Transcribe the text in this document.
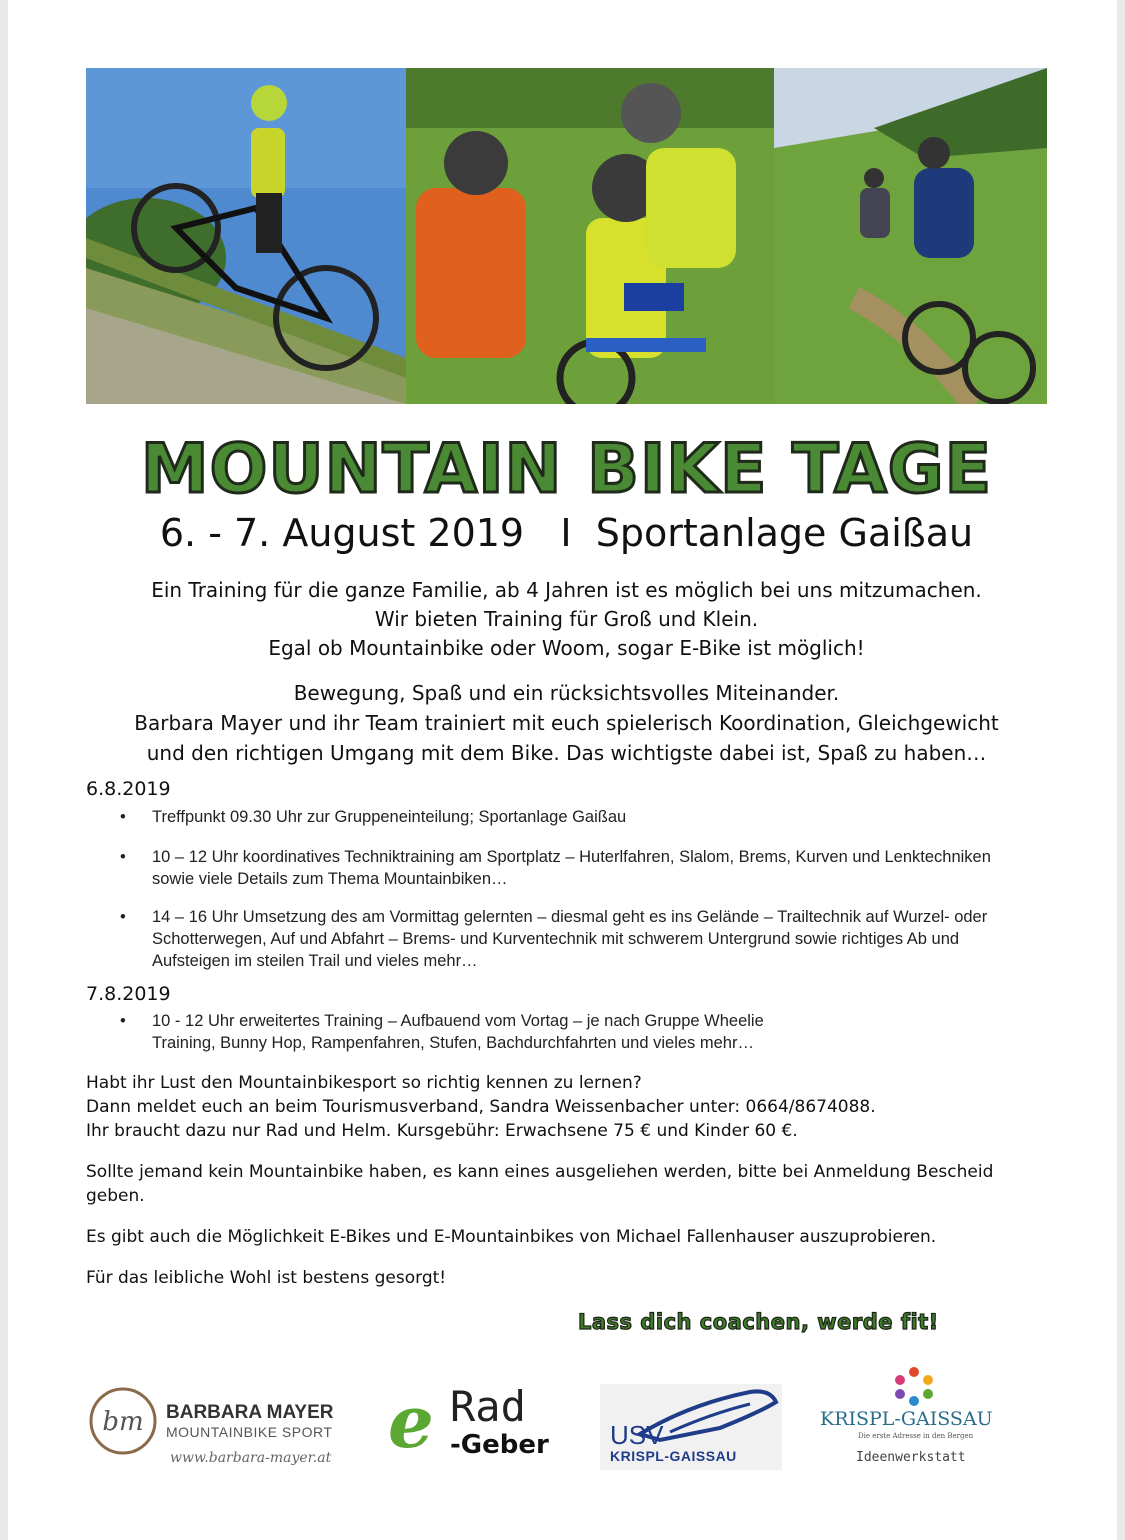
MOUNTAIN BIKE TAGE
6. - 7. August 2019   I  Sportanlage Gaißau
Ein Training für die ganze Familie, ab 4 Jahren ist es möglich bei uns mitzumachen.
Wir bieten Training für Groß und Klein.
Egal ob Mountainbike oder Woom, sogar E-Bike ist möglich!
Bewegung, Spaß und ein rücksichtsvolles Miteinander.
Barbara Mayer und ihr Team trainiert mit euch spielerisch Koordination, Gleichgewicht
und den richtigen Umgang mit dem Bike. Das wichtigste dabei ist, Spaß zu haben…
6.8.2019
• Treffpunkt 09.30 Uhr zur Gruppeneinteilung; Sportanlage Gaißau
• 10 – 12 Uhr koordinatives Techniktraining am Sportplatz – Huterlfahren, Slalom, Brems, Kurven und Lenktechniken sowie viele Details zum Thema Mountainbiken…
• 14 – 16 Uhr Umsetzung des am Vormittag gelernten – diesmal geht es ins Gelände – Trailtechnik auf Wurzel- oder Schotterwegen, Auf und Abfahrt – Brems- und Kurventechnik mit schwerem Untergrund sowie richtiges Ab und Aufsteigen im steilen Trail und vieles mehr…
7.8.2019
• 10 - 12 Uhr erweitertes Training – Aufbauend vom Vortag – je nach Gruppe Wheelie Training, Bunny Hop, Rampenfahren, Stufen, Bachdurchfahrten und vieles mehr…
Habt ihr Lust den Mountainbikesport so richtig kennen zu lernen?
Dann meldet euch an beim Tourismusverband, Sandra Weissenbacher unter: 0664/8674088.
Ihr braucht dazu nur Rad und Helm. Kursgebühr: Erwachsene 75 € und Kinder 60 €.
Sollte jemand kein Mountainbike haben, es kann eines ausgeliehen werden, bitte bei Anmeldung Bescheid geben.
Es gibt auch die Möglichkeit E-Bikes und E-Mountainbikes von Michael Fallenhauser auszuprobieren.
Für das leibliche Wohl ist bestens gesorgt!
Lass dich coachen, werde fit!
bm BARBARA MAYER
MOUNTAINBIKE SPORT
www.barbara-mayer.at e Rad
-Geber USV
KRISPL-GAISSAU
KRISPL-GAISSAU
Die erste Adresse in den Bergen
Ideenwerkstatt
